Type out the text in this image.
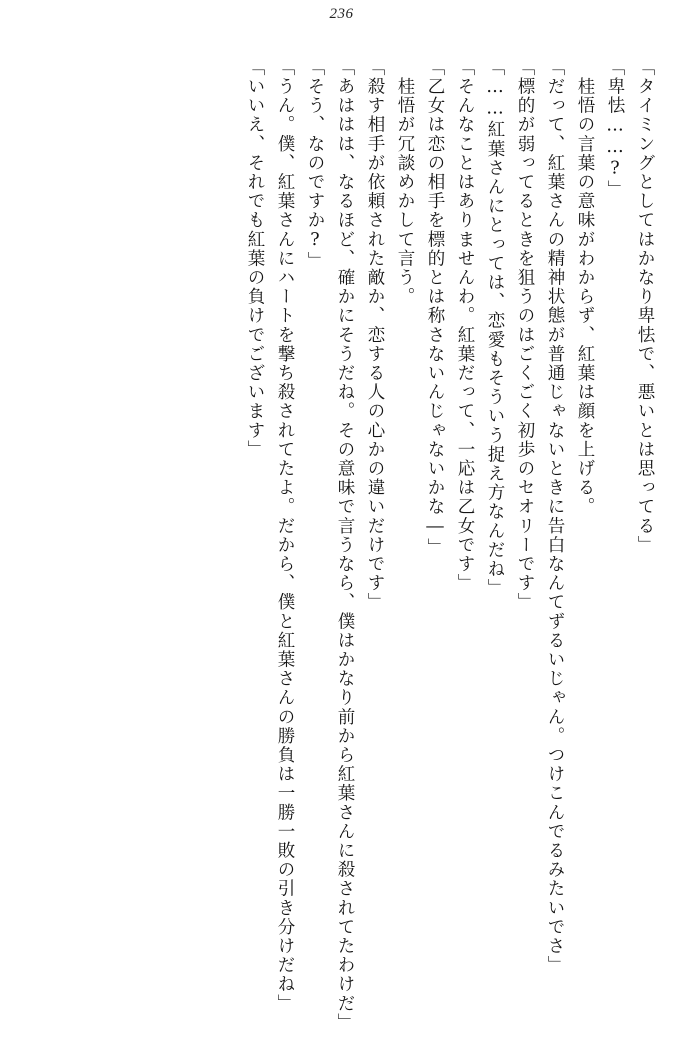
236
「タイミングとしてはかなり卑怯で、悪いとは思ってる」
「卑怯……?」
　桂悟の言葉の意味がわからず、紅葉は顔を上げる。
「だって、紅葉さんの精神状態が普通じゃないときに告白なんてずるいじゃん。つけこんでるみたいでさ」
「標的が弱ってるときを狙うのはごくごく初歩のセオリーです」
「……紅葉さんにとっては、恋愛もそういう捉え方なんだね」
「そんなことはありませんわ。紅葉だって、一応は乙女です」
「乙女は恋の相手を標的とは称さないんじゃないかな―」
　桂悟が冗談めかして言う。
「殺す相手が依頼された敵か、恋する人の心かの違いだけです」
「あははは、なるほど、確かにそうだね。その意味で言うなら、僕はかなり前から紅葉さんに殺されてたわけだ」
「そう、なのですか?」
「うん。僕、紅葉さんにハートを撃ち殺されてたよ。だから、僕と紅葉さんの勝負は一勝一敗の引き分けだね」
「いいえ、それでも紅葉の負けでございます」
